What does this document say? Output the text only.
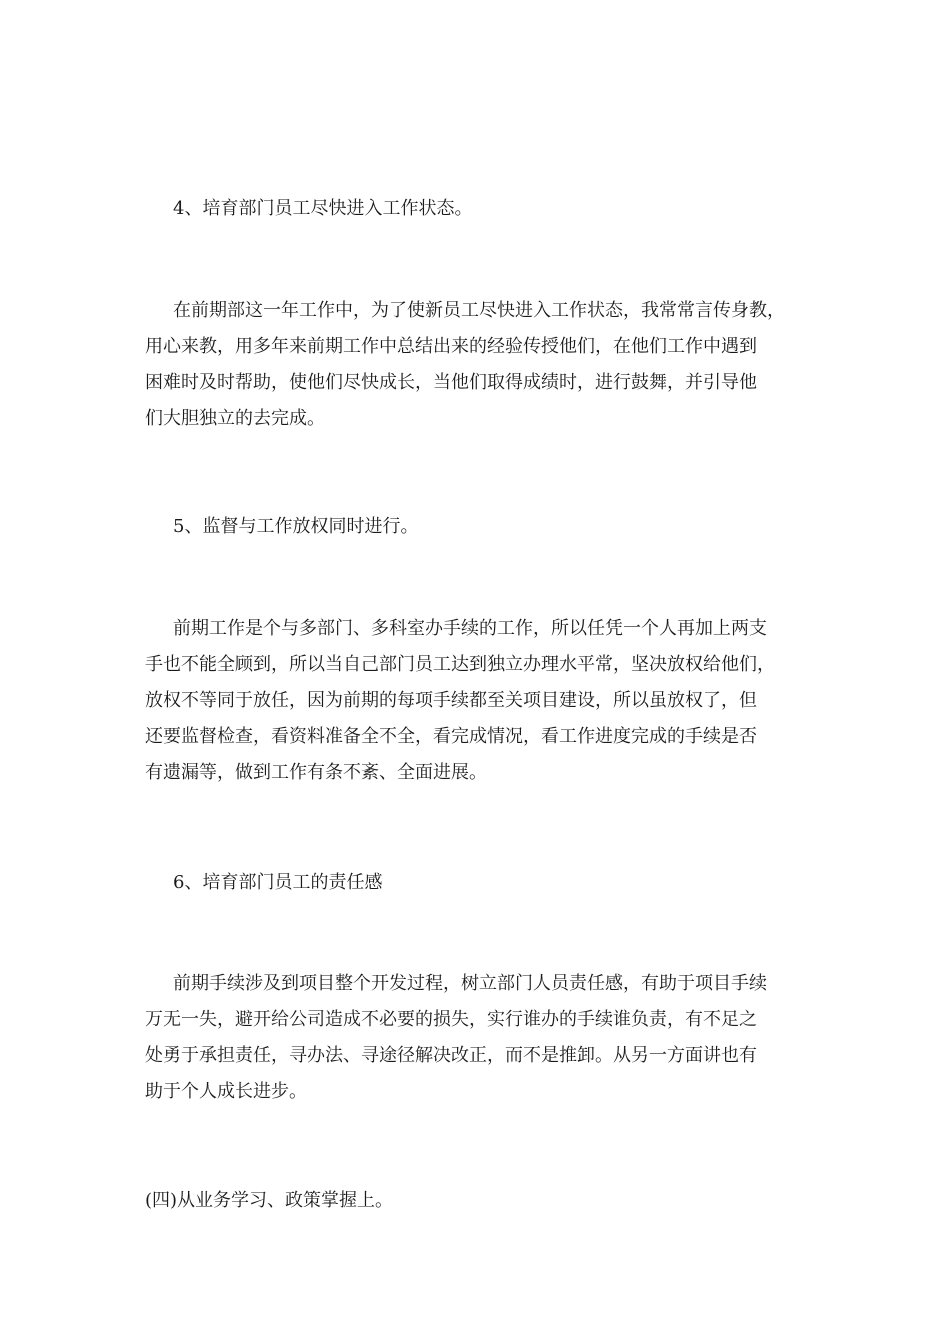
4、培育部门员工尽快进入工作状态。
在前期部这一年工作中，为了使新员工尽快进入工作状态，我常常言传身教，
用心来教，用多年来前期工作中总结出来的经验传授他们，在他们工作中遇到
困难时及时帮助，使他们尽快成长，当他们取得成绩时，进行鼓舞，并引导他
们大胆独立的去完成。
5、监督与工作放权同时进行。
前期工作是个与多部门、多科室办手续的工作，所以任凭一个人再加上两支
手也不能全顾到，所以当自己部门员工达到独立办理水平常，坚决放权给他们，
放权不等同于放任，因为前期的每项手续都至关项目建设，所以虽放权了，但
还要监督检查，看资料准备全不全，看完成情况，看工作进度完成的手续是否
有遗漏等，做到工作有条不紊、全面进展。
6、培育部门员工的责任感
前期手续涉及到项目整个开发过程，树立部门人员责任感，有助于项目手续
万无一失，避开给公司造成不必要的损失，实行谁办的手续谁负责，有不足之
处勇于承担责任，寻办法、寻途径解决改正，而不是推卸。从另一方面讲也有
助于个人成长进步。
(四)从业务学习、政策掌握上。
